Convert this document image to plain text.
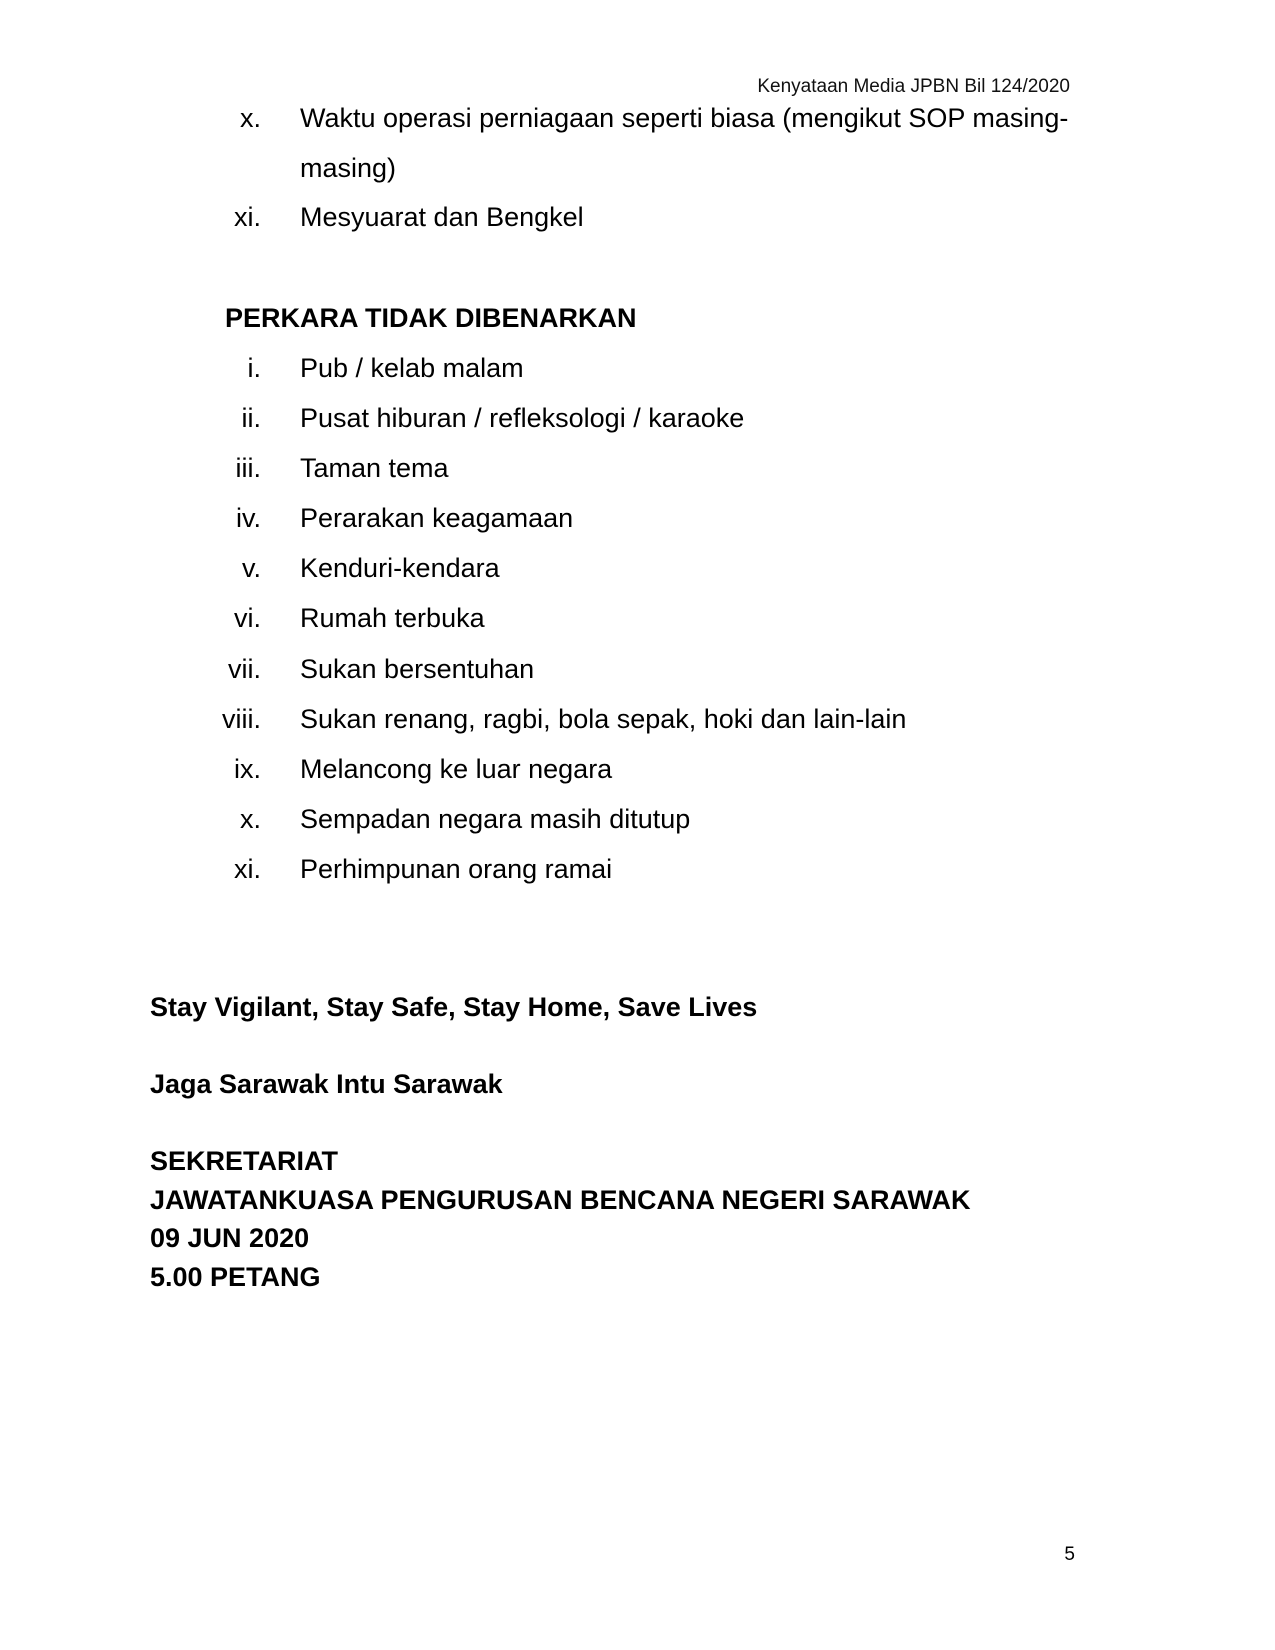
Kenyataan Media JPBN Bil 124/2020
x. Waktu operasi perniagaan seperti biasa (mengikut SOP masing-
masing)
xi. Mesyuarat dan Bengkel
PERKARA TIDAK DIBENARKAN
i. Pub / kelab malam
ii. Pusat hiburan / refleksologi / karaoke
iii. Taman tema
iv. Perarakan keagamaan
v. Kenduri-kendara
vi. Rumah terbuka
vii. Sukan bersentuhan
viii. Sukan renang, ragbi, bola sepak, hoki dan lain-lain
ix. Melancong ke luar negara
x. Sempadan negara masih ditutup
xi. Perhimpunan orang ramai
Stay Vigilant, Stay Safe, Stay Home, Save Lives
Jaga Sarawak Intu Sarawak
SEKRETARIAT
JAWATANKUASA PENGURUSAN BENCANA NEGERI SARAWAK
09 JUN 2020
5.00 PETANG
5
